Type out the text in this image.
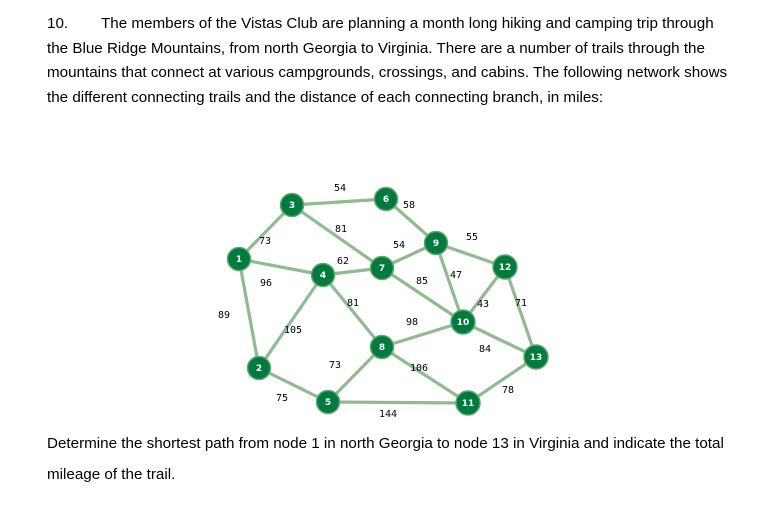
10. The members of the Vistas Club are planning a month long hiking and camping trip through the Blue Ridge Mountains, from north Georgia to Virginia. There are a number of trails through the mountains that connect at various campgrounds, crossings, and cabins. The following network shows the different connecting trails and the distance of each connecting branch, in miles:

73
96
89
105
75
54
81
62
81
73
144
58
54
85
98
106
47
55
43
84
78
71
1
2
3
4
5
6
7
8
9
10
11
12
13

Determine the shortest path from node 1 in north Georgia to node 13 in Virginia and indicate the total mileage of the trail.
